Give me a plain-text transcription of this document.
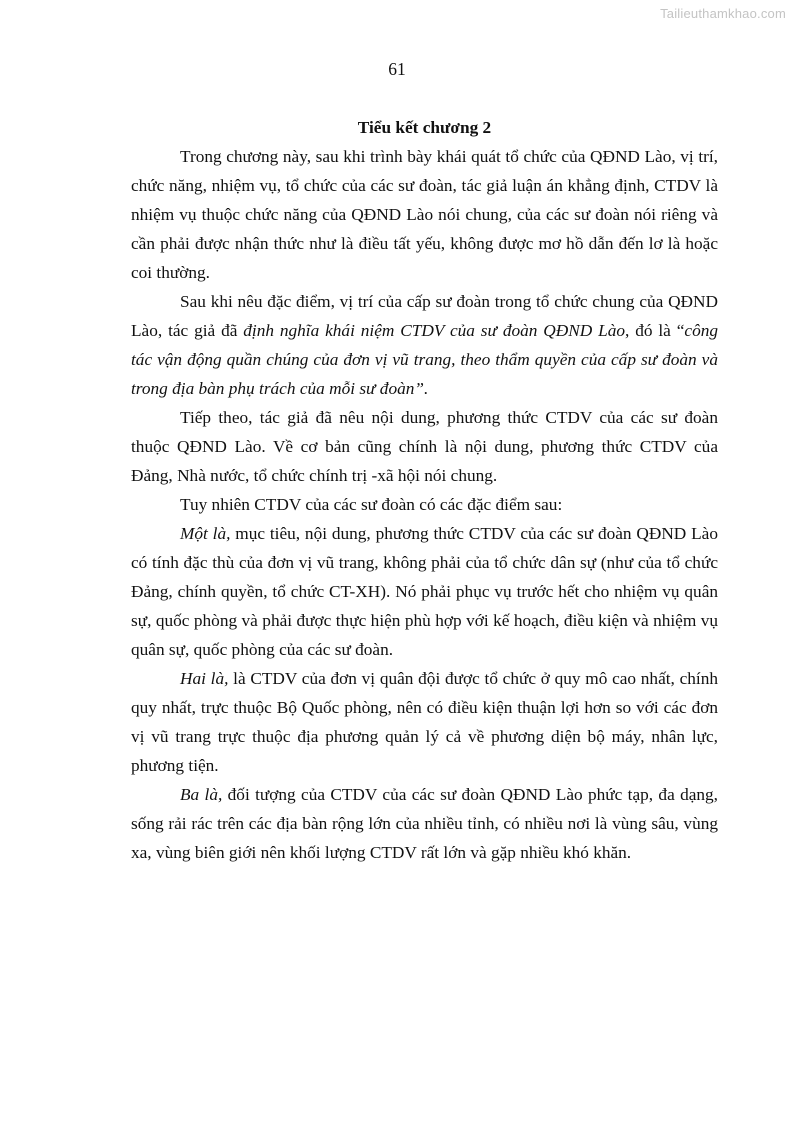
Tailieuthamkhao.com
61

Tiểu kết chương 2

Trong chương này, sau khi trình bày khái quát tổ chức của QĐND Lào, vị trí, chức năng, nhiệm vụ, tổ chức của các sư đoàn, tác giả luận án khẳng định, CTDV là nhiệm vụ thuộc chức năng của QĐND Lào nói chung, của các sư đoàn nói riêng và cần phải được nhận thức như là điều tất yếu, không được mơ hồ dẫn đến lơ là hoặc coi thường.

Sau khi nêu đặc điểm, vị trí của cấp sư đoàn trong tổ chức chung của QĐND Lào, tác giả đã định nghĩa khái niệm CTDV của sư đoàn QĐND Lào, đó là “công tác vận động quần chúng của đơn vị vũ trang, theo thẩm quyền của cấp sư đoàn và trong địa bàn phụ trách của mỗi sư đoàn”.

Tiếp theo, tác giả đã nêu nội dung, phương thức CTDV của các sư đoàn thuộc QĐND Lào. Về cơ bản cũng chính là nội dung, phương thức CTDV của Đảng, Nhà nước, tổ chức chính trị -xã hội nói chung.

Tuy nhiên CTDV của các sư đoàn có các đặc điểm sau:

Một là, mục tiêu, nội dung, phương thức CTDV của các sư đoàn QĐND Lào có tính đặc thù của đơn vị vũ trang, không phải của tổ chức dân sự (như của tổ chức Đảng, chính quyền, tổ chức CT-XH). Nó phải phục vụ trước hết cho nhiệm vụ quân sự, quốc phòng và phải được thực hiện phù hợp với kế hoạch, điều kiện và nhiệm vụ quân sự, quốc phòng của các sư đoàn.

Hai là, là CTDV của đơn vị quân đội được tổ chức ở quy mô cao nhất, chính quy nhất, trực thuộc Bộ Quốc phòng, nên có điều kiện thuận lợi hơn so với các đơn vị vũ trang trực thuộc địa phương quản lý cả về phương diện bộ máy, nhân lực, phương tiện.

Ba là, đối tượng của CTDV của các sư đoàn QĐND Lào phức tạp, đa dạng, sống rải rác trên các địa bàn rộng lớn của nhiều tỉnh, có nhiều nơi là vùng sâu, vùng xa, vùng biên giới nên khối lượng CTDV rất lớn và gặp nhiều khó khăn.
